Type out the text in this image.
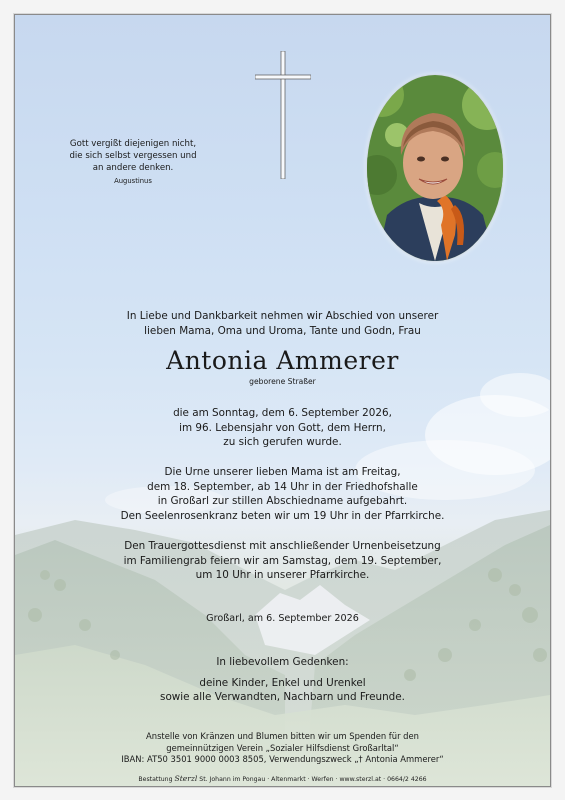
Gott vergißt diejenigen nicht,
die sich selbst vergessen und
an andere denken.
Augustinus
In Liebe und Dankbarkeit nehmen wir Abschied von unserer
lieben Mama, Oma und Uroma, Tante und Godn, Frau
Antonia Ammerer
geborene Straßer
die am Sonntag, dem 6. September 2026,
im 96. Lebensjahr von Gott, dem Herrn,
zu sich gerufen wurde.
Die Urne unserer lieben Mama ist am Freitag,
dem 18. September, ab 14 Uhr in der Friedhofshalle
in Großarl zur stillen Abschiedname aufgebahrt.
Den Seelenrosenkranz beten wir um 19 Uhr in der Pfarrkirche.
Den Trauergottesdienst mit anschließender Urnenbeisetzung
im Familiengrab feiern wir am Samstag, dem 19. September,
um 10 Uhr in unserer Pfarrkirche.
Großarl, am 6. September 2026
In liebevollem Gedenken:
deine Kinder, Enkel und Urenkel
sowie alle Verwandten, Nachbarn und Freunde.
Anstelle von Kränzen und Blumen bitten wir um Spenden für den
gemeinnützigen Verein „Sozialer Hilfsdienst Großarltal“
IBAN: AT50 3501 9000 0003 8505, Verwendungszweck „† Antonia Ammerer“
Bestattung Sterzl St. Johann im Pongau · Altenmarkt · Werfen · www.sterzl.at · 0664/2 4266
